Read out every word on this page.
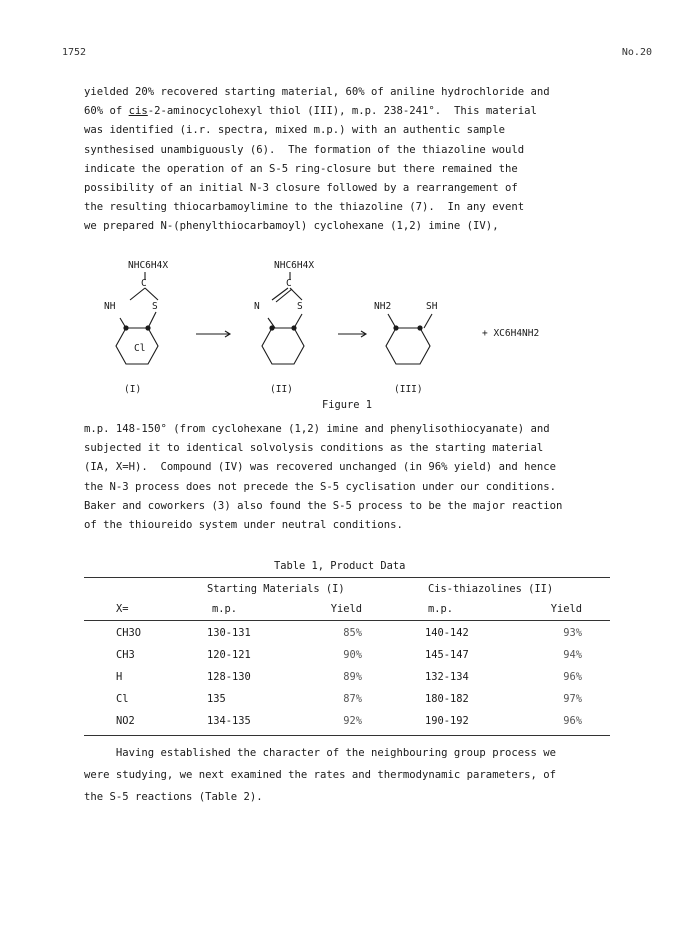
1752	No.20
yielded 20% recovered starting material, 60% of aniline hydrochloride and
60% of cis-2-aminocyclohexyl thiol (III), m.p. 238-241°.  This material
was identified (i.r. spectra, mixed m.p.) with an authentic sample
synthesised unambiguously (6).  The formation of the thiazoline would
indicate the operation of an S-5 ring-closure but there remained the
possibility of an initial N-3 closure followed by a rearrangement of
the resulting thiocarbamoylimine to the thiazoline (7).  In any event
we prepared N-(phenylthiocarbamoyl) cyclohexane (1,2) imine (IV),
NHC6H4X
C
NH	S
Cl
(I)
NHC6H4X
C
N	S
(II)
NH2	SH
(III)
+ XC6H4NH2
Figure 1
m.p. 148-150° (from cyclohexane (1,2) imine and phenylisothiocyanate) and
subjected it to identical solvolysis conditions as the starting material
(IA, X=H).  Compound (IV) was recovered unchanged (in 96% yield) and hence
the N-3 process does not precede the S-5 cyclisation under our conditions.
Baker and coworkers (3) also found the S-5 process to be the major reaction
of the thioureido system under neutral conditions.
Table 1, Product Data
Starting Materials (I)	Cis-thiazolines (II)
X=	m.p.	Yield	m.p.	Yield
CH3O	130-131	85%	140-142	93%
CH3	120-121	90%	145-147	94%
H	128-130	89%	132-134	96%
Cl	135	87%	180-182	97%
NO2	134-135	92%	190-192	96%
Having established the character of the neighbouring group process we
were studying, we next examined the rates and thermodynamic parameters, of
the S-5 reactions (Table 2).
